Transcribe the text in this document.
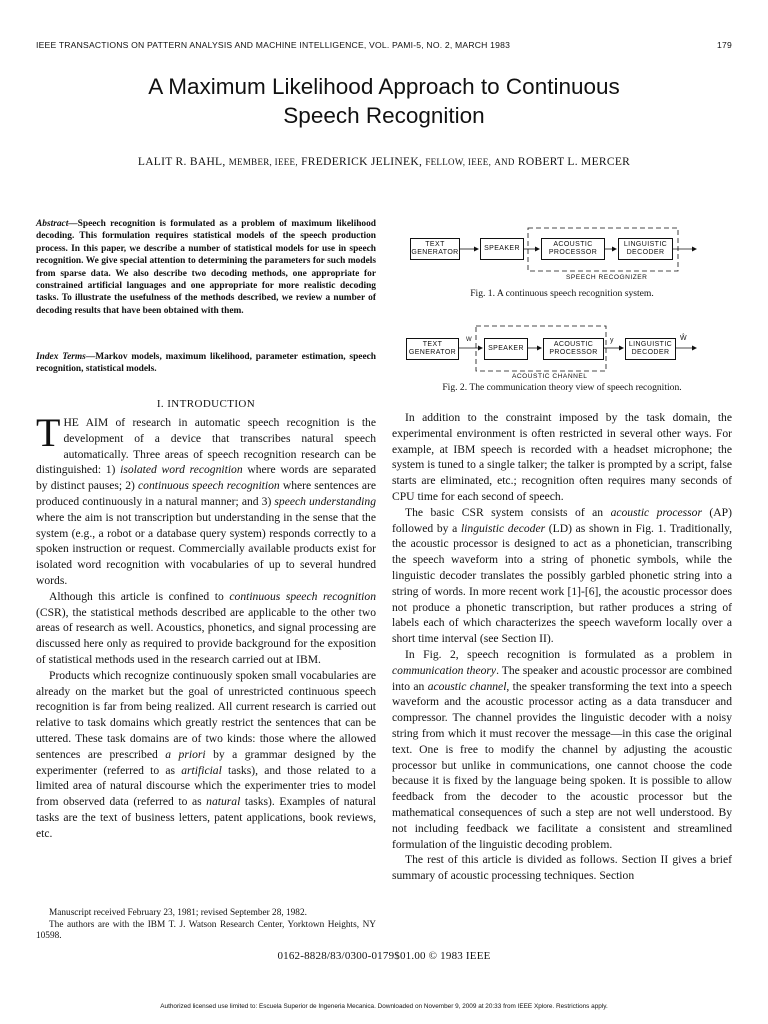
IEEE TRANSACTIONS ON PATTERN ANALYSIS AND MACHINE INTELLIGENCE, VOL. PAMI-5, NO. 2, MARCH 1983	179
A Maximum Likelihood Approach to Continuous
Speech Recognition
LALIT R. BAHL, MEMBER, IEEE, FREDERICK JELINEK, FELLOW, IEEE, AND ROBERT L. MERCER
Abstract—Speech recognition is formulated as a problem of maximum likelihood decoding. This formulation requires statistical models of the speech production process. In this paper, we describe a number of statistical models for use in speech recognition. We give special attention to determining the parameters for such models from sparse data. We also describe two decoding methods, one appropriate for constrained artificial languages and one appropriate for more realistic decoding tasks. To illustrate the usefulness of the methods described, we review a number of decoding results that have been obtained with them.
Index Terms—Markov models, maximum likelihood, parameter estimation, speech recognition, statistical models.
I. INTRODUCTION

THE AIM of research in automatic speech recognition is the development of a device that transcribes natural speech automatically. Three areas of speech recognition research can be distinguished: 1) isolated word recognition where words are separated by distinct pauses; 2) continuous speech recognition where sentences are produced continuously in a natural manner; and 3) speech understanding where the aim is not transcription but understanding in the sense that the system (e.g., a robot or a database query system) responds correctly to a spoken instruction or request. Commercially available products exist for isolated word recognition with vocabularies of up to several hundred words.

Although this article is confined to continuous speech recognition (CSR), the statistical methods described are applicable to the other two areas of research as well. Acoustics, phonetics, and signal processing are discussed here only as required to provide background for the exposition of statistical methods used in the research carried out at IBM.

Products which recognize continuously spoken small vocabularies are already on the market but the goal of unrestricted continuous speech recognition is far from being realized. All current research is carried out relative to task domains which greatly restrict the sentences that can be uttered. These task domains are of two kinds: those where the allowed sentences are prescribed a priori by a grammar designed by the experimenter (referred to as artificial tasks), and those related to a limited area of natural discourse which the experimenter tries to model from observed data (referred to as natural tasks). Examples of natural tasks are the text of business letters, patent applications, book reviews, etc.

Manuscript received February 23, 1981; revised September 28, 1982.

The authors are with the IBM T. J. Watson Research Center, Yorktown Heights, NY 10598.

TEXT GENERATOR
SPEAKER
ACOUSTIC PROCESSOR
LINGUISTIC DECODER
SPEECH RECOGNIZER
Fig. 1. A continuous speech recognition system.
TEXT GENERATOR
SPEAKER
ACOUSTIC PROCESSOR
LINGUISTIC DECODER
W	y	Ŵ
ACOUSTIC CHANNEL
Fig. 2. The communication theory view of speech recognition.

In addition to the constraint imposed by the task domain, the experimental environment is often restricted in several other ways. For example, at IBM speech is recorded with a headset microphone; the system is tuned to a single talker; the talker is prompted by a script, false starts are eliminated, etc.; recognition often requires many seconds of CPU time for each second of speech.

The basic CSR system consists of an acoustic processor (AP) followed by a linguistic decoder (LD) as shown in Fig. 1. Traditionally, the acoustic processor is designed to act as a phonetician, transcribing the speech waveform into a string of phonetic symbols, while the linguistic decoder translates the possibly garbled phonetic string into a string of words. In more recent work [1]-[6], the acoustic processor does not produce a phonetic transcription, but rather produces a string of labels each of which characterizes the speech waveform locally over a short time interval (see Section II).

In Fig. 2, speech recognition is formulated as a problem in communication theory. The speaker and acoustic processor are combined into an acoustic channel, the speaker transforming the text into a speech waveform and the acoustic processor acting as a data transducer and compressor. The channel provides the linguistic decoder with a noisy string from which it must recover the message—in this case the original text. One is free to modify the channel by adjusting the acoustic processor but unlike in communications, one cannot choose the code because it is fixed by the language being spoken. It is possible to allow feedback from the decoder to the acoustic processor but the mathematical consequences of such a step are not well understood. By not including feedback we facilitate a consistent and streamlined formulation of the linguistic decoding problem.

The rest of this article is divided as follows. Section II gives a brief summary of acoustic processing techniques. Section

0162-8828/83/0300-0179$01.00 © 1983 IEEE
Authorized licensed use limited to: Escuela Superior de Ingeneria Mecanica. Downloaded on November 9, 2009 at 20:33 from IEEE Xplore. Restrictions apply.
